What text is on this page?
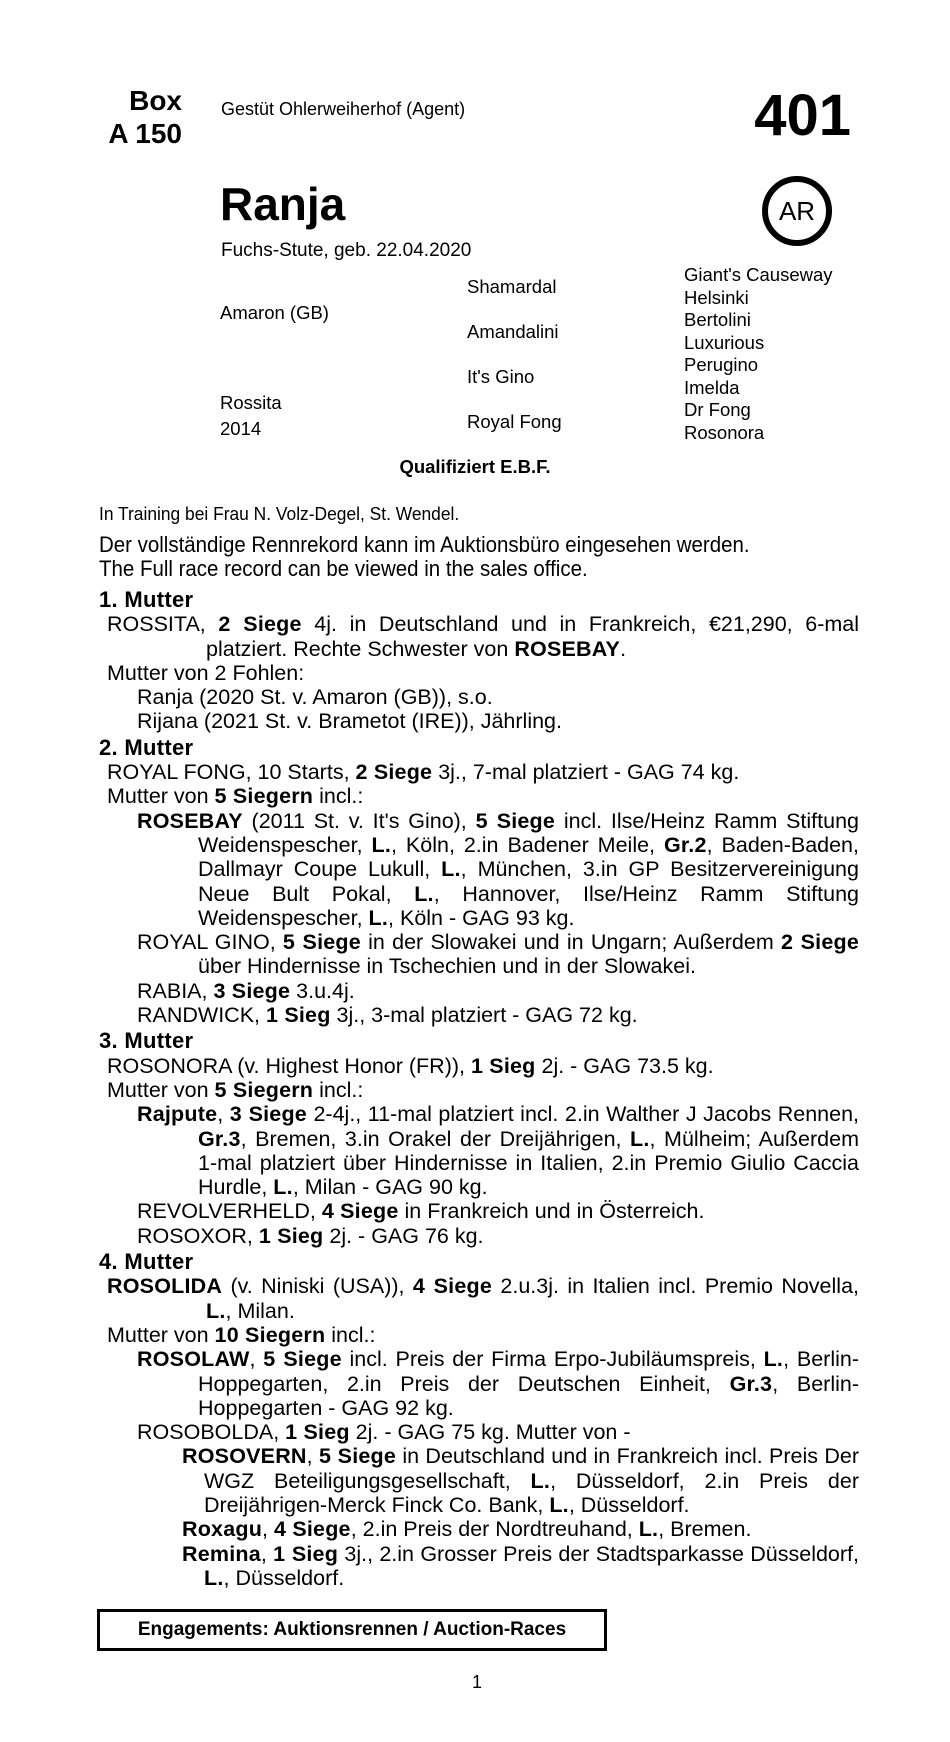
Box
A 150
Gestüt Ohlerweiherhof (Agent)	401
AR
Ranja
Fuchs-Stute, geb. 22.04.2020
Amaron (GB)
Rossita
2014
Shamardal
Amandalini
It's Gino
Royal Fong
Giant's Causeway
Helsinki
Bertolini
Luxurious
Perugino
Imelda
Dr Fong
Rosonora
Qualifiziert E.B.F.
In Training bei Frau N. Volz-Degel, St. Wendel.
Der vollständige Rennrekord kann im Auktionsbüro eingesehen werden.
The Full race record can be viewed in the sales office.
1. Mutter
ROSSITA, 2 Siege 4j. in Deutschland und in Frankreich, €21,290, 6-mal platziert. Rechte Schwester von ROSEBAY.
Mutter von 2 Fohlen:
Ranja (2020 St. v. Amaron (GB)), s.o.
Rijana (2021 St. v. Brametot (IRE)), Jährling.
2. Mutter
ROYAL FONG, 10 Starts, 2 Siege 3j., 7-mal platziert - GAG 74 kg.
Mutter von 5 Siegern incl.:
ROSEBAY (2011 St. v. It's Gino), 5 Siege incl. Ilse/Heinz Ramm Stiftung Weidenspescher, L., Köln, 2.in Badener Meile, Gr.2, Baden-Baden, Dallmayr Coupe Lukull, L., München, 3.in GP Besitzervereinigung Neue Bult Pokal, L., Hannover, Ilse/Heinz Ramm Stiftung Weidenspescher, L., Köln - GAG 93 kg.
ROYAL GINO, 5 Siege in der Slowakei und in Ungarn; Außerdem 2 Siege über Hindernisse in Tschechien und in der Slowakei.
RABIA, 3 Siege 3.u.4j.
RANDWICK, 1 Sieg 3j., 3-mal platziert - GAG 72 kg.
3. Mutter
ROSONORA (v. Highest Honor (FR)), 1 Sieg 2j. - GAG 73.5 kg.
Mutter von 5 Siegern incl.:
Rajpute, 3 Siege 2-4j., 11-mal platziert incl. 2.in Walther J Jacobs Rennen, Gr.3, Bremen, 3.in Orakel der Dreijährigen, L., Mülheim; Außerdem 1-mal platziert über Hindernisse in Italien, 2.in Premio Giulio Caccia Hurdle, L., Milan - GAG 90 kg.
REVOLVERHELD, 4 Siege in Frankreich und in Österreich.
ROSOXOR, 1 Sieg 2j. - GAG 76 kg.
4. Mutter
ROSOLIDA (v. Niniski (USA)), 4 Siege 2.u.3j. in Italien incl. Premio Novella, L., Milan.
Mutter von 10 Siegern incl.:
ROSOLAW, 5 Siege incl. Preis der Firma Erpo-Jubiläumspreis, L., Berlin-Hoppegarten, 2.in Preis der Deutschen Einheit, Gr.3, Berlin-Hoppegarten - GAG 92 kg.
ROSOBOLDA, 1 Sieg 2j. - GAG 75 kg. Mutter von -
ROSOVERN, 5 Siege in Deutschland und in Frankreich incl. Preis Der WGZ Beteiligungsgesellschaft, L., Düsseldorf, 2.in Preis der Dreijährigen-Merck Finck Co. Bank, L., Düsseldorf.
Roxagu, 4 Siege, 2.in Preis der Nordtreuhand, L., Bremen.
Remina, 1 Sieg 3j., 2.in Grosser Preis der Stadtsparkasse Düsseldorf, L., Düsseldorf.
Engagements: Auktionsrennen / Auction-Races
1
